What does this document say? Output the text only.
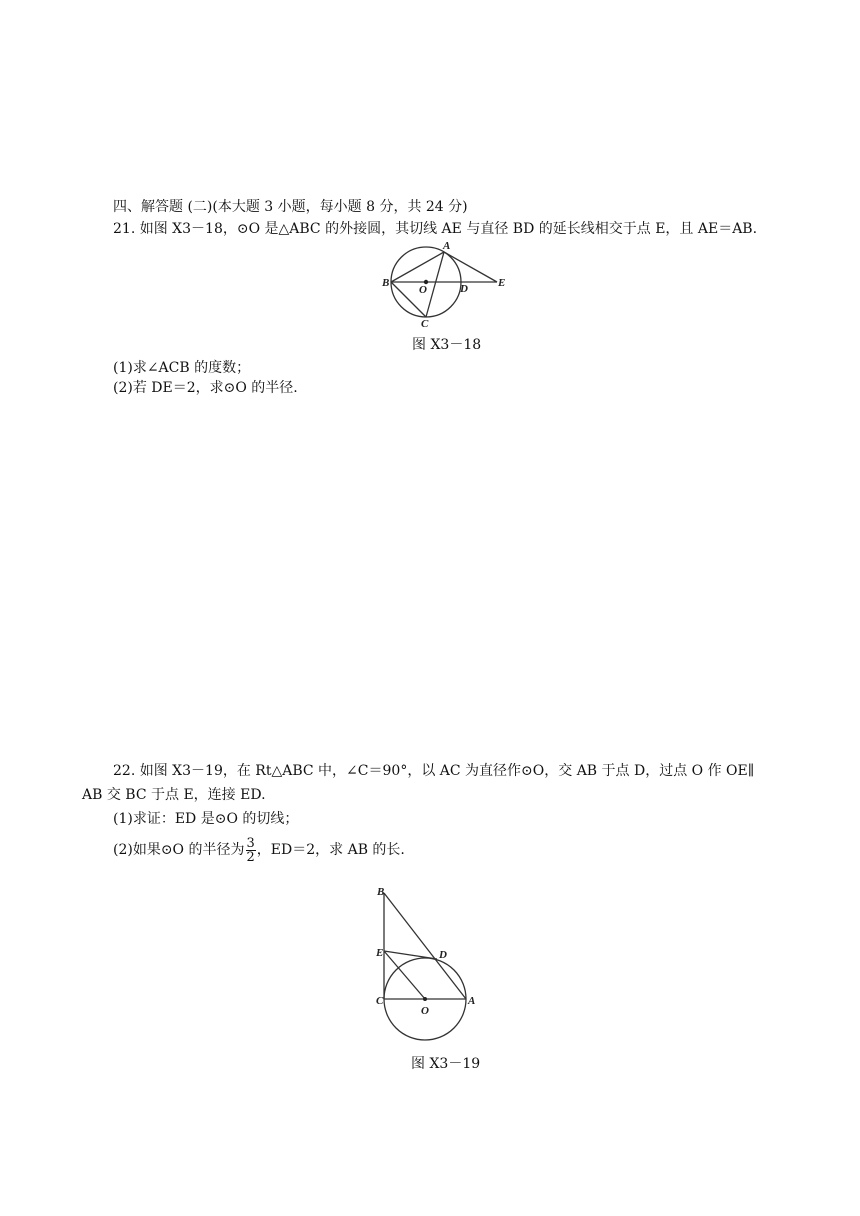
四、解答题 (二)(本大题 3 小题，每小题 8 分，共 24 分)
21. 如图 X3－18，⊙O 是△ABC 的外接圆，其切线 AE 与直径 BD 的延长线相交于点 E，且 AE＝AB.
A
B
O	D	E
C
图 X3－18
(1)求∠ACB 的度数；
(2)若 DE＝2，求⊙O 的半径.
22. 如图 X3－19，在 Rt△ABC 中，∠C＝90°，以 AC 为直径作⊙O，交 AB 于点 D，过点 O 作 OE∥
AB 交 BC 于点 E，连接 ED.
(1)求证：ED 是⊙O 的切线；
(2)如果⊙O 的半径为 $\frac{3}{2}$ ，ED＝2，求 AB 的长.
B
E	D
C
O
A
图 X3－19
